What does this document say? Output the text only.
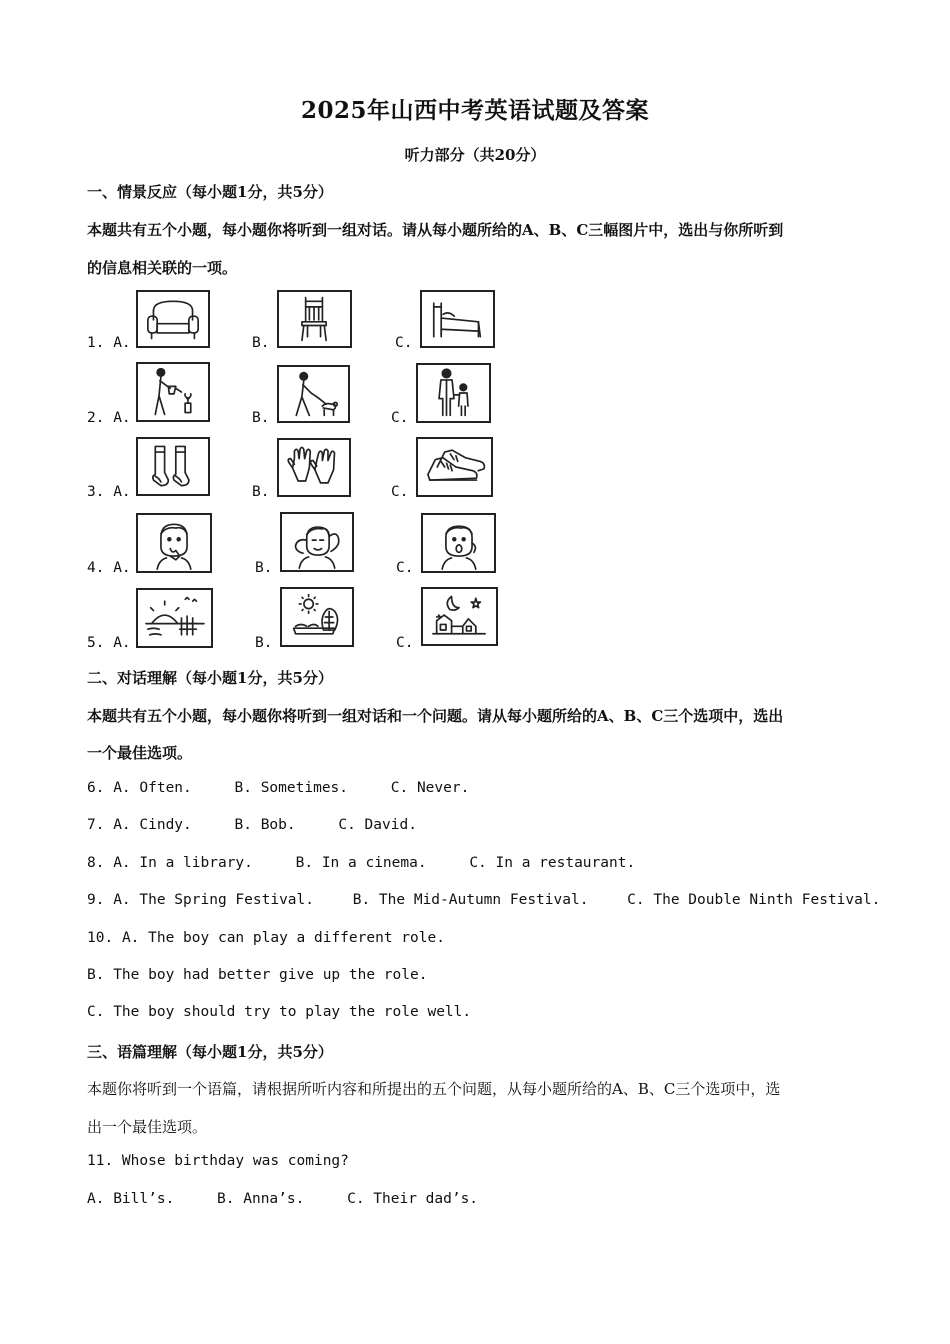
2025年山西中考英语试题及答案
听力部分（共20分）
一、情景反应（每小题1分，共5分）
本题共有五个小题，每小题你将听到一组对话。请从每小题所给的A、B、C三幅图片中，选出与你所听到
的信息相关联的一项。
1. A.	B.	C.
2. A.	B.	C.
3. A.	B.	C.
4. A.	B.	C.
5. A.	B.	C.
二、对话理解（每小题1分，共5分）
本题共有五个小题，每小题你将听到一组对话和一个问题。请从每小题所给的A、B、C三个选项中，选出
一个最佳选项。
6. A. Often.	B. Sometimes.	C. Never.
7. A. Cindy.	B. Bob.	C. David.
8. A. In a library.	B. In a cinema.	C. In a restaurant.
9. A. The Spring Festival.	B. The Mid-Autumn Festival.	C. The Double Ninth Festival.
10. A. The boy can play a different role.
B. The boy had better give up the role.
C. The boy should try to play the role well.
三、语篇理解（每小题1分，共5分）
本题你将听到一个语篇，请根据所听内容和所提出的五个问题，从每小题所给的A、B、C三个选项中，选
出一个最佳选项。
11. Whose birthday was coming?
A. Bill’s.	B. Anna’s.	C. Their dad’s.
